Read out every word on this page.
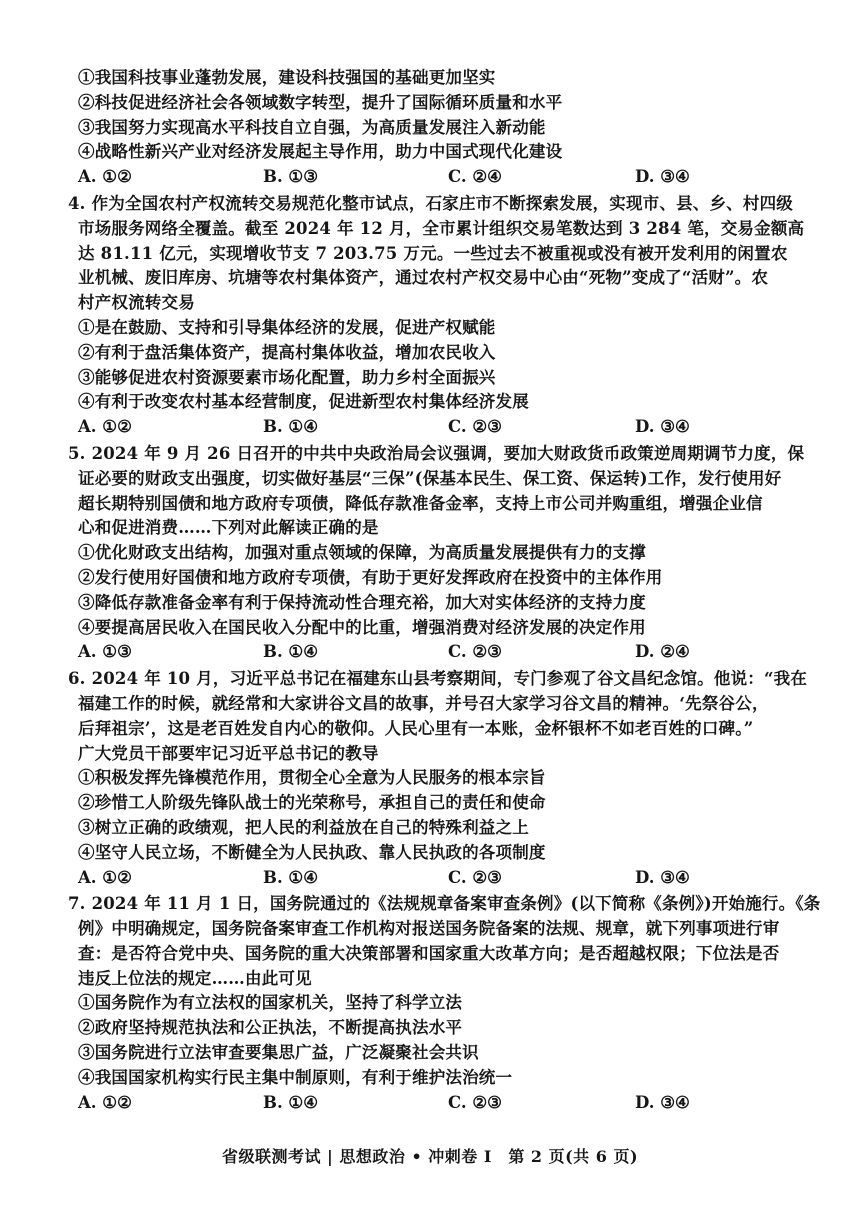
①我国科技事业蓬勃发展，建设科技强国的基础更加坚实
②科技促进经济社会各领域数字转型，提升了国际循环质量和水平
③我国努力实现高水平科技自立自强，为高质量发展注入新动能
④战略性新兴产业对经济发展起主导作用，助力中国式现代化建设
A. ①②	B. ①③	C. ②④	D. ③④
4. 作为全国农村产权流转交易规范化整市试点，石家庄市不断探索发展，实现市、县、乡、村四级
市场服务网络全覆盖。截至 2024 年 12 月，全市累计组织交易笔数达到 3 284 笔，交易金额高
达 81.11 亿元，实现增收节支 7 203.75 万元。一些过去不被重视或没有被开发利用的闲置农
业机械、废旧库房、坑塘等农村集体资产，通过农村产权交易中心由“死物”变成了“活财”。农
村产权流转交易
①是在鼓励、支持和引导集体经济的发展，促进产权赋能
②有利于盘活集体资产，提高村集体收益，增加农民收入
③能够促进农村资源要素市场化配置，助力乡村全面振兴
④有利于改变农村基本经营制度，促进新型农村集体经济发展
A. ①②	B. ①④	C. ②③	D. ③④
5. 2024 年 9 月 26 日召开的中共中央政治局会议强调，要加大财政货币政策逆周期调节力度，保
证必要的财政支出强度，切实做好基层“三保”(保基本民生、保工资、保运转)工作，发行使用好
超长期特别国债和地方政府专项债，降低存款准备金率，支持上市公司并购重组，增强企业信
心和促进消费……下列对此解读正确的是
①优化财政支出结构，加强对重点领域的保障，为高质量发展提供有力的支撑
②发行使用好国债和地方政府专项债，有助于更好发挥政府在投资中的主体作用
③降低存款准备金率有利于保持流动性合理充裕，加大对实体经济的支持力度
④要提高居民收入在国民收入分配中的比重，增强消费对经济发展的决定作用
A. ①③	B. ①④	C. ②③	D. ②④
6. 2024 年 10 月，习近平总书记在福建东山县考察期间，专门参观了谷文昌纪念馆。他说：“我在
福建工作的时候，就经常和大家讲谷文昌的故事，并号召大家学习谷文昌的精神。‘先祭谷公，
后拜祖宗’，这是老百姓发自内心的敬仰。人民心里有一本账，金杯银杯不如老百姓的口碑。”
广大党员干部要牢记习近平总书记的教导
①积极发挥先锋模范作用，贯彻全心全意为人民服务的根本宗旨
②珍惜工人阶级先锋队战士的光荣称号，承担自己的责任和使命
③树立正确的政绩观，把人民的利益放在自己的特殊利益之上
④坚守人民立场，不断健全为人民执政、靠人民执政的各项制度
A. ①②	B. ①④	C. ②③	D. ③④
7. 2024 年 11 月 1 日，国务院通过的《法规规章备案审查条例》(以下简称《条例》)开始施行。《条
例》中明确规定，国务院备案审查工作机构对报送国务院备案的法规、规章，就下列事项进行审
查：是否符合党中央、国务院的重大决策部署和国家重大改革方向；是否超越权限；下位法是否
违反上位法的规定……由此可见
①国务院作为有立法权的国家机关，坚持了科学立法
②政府坚持规范执法和公正执法，不断提高执法水平
③国务院进行立法审查要集思广益，广泛凝聚社会共识
④我国国家机构实行民主集中制原则，有利于维护法治统一
A. ①②	B. ①④	C. ②③	D. ③④
省级联测考试 | 思想政治 • 冲刺卷 I　第 2 页(共 6 页)
